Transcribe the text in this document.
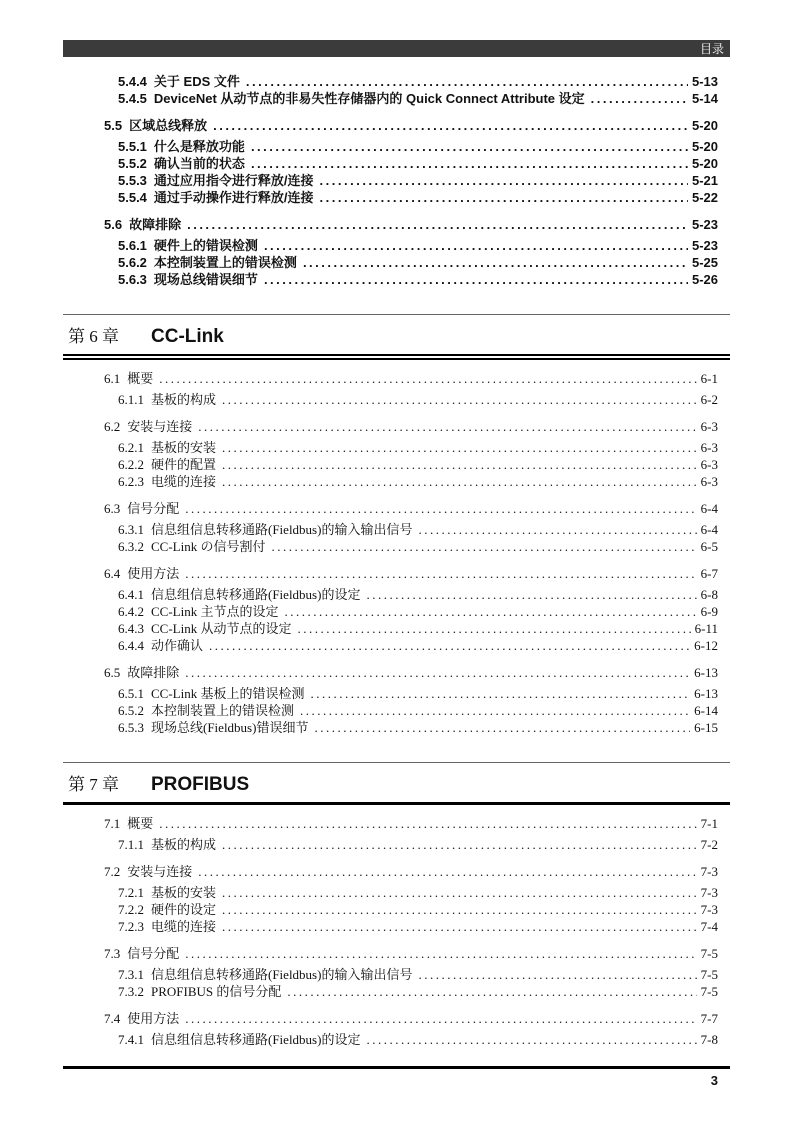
目录
5.4.4 关于 EDS 文件 .....	5-13
5.4.5 DeviceNet 从动节点的非易失性存储器内的 Quick Connect Attribute 设定 .....	5-14
5.5 区域总线释放 .....	5-20
5.5.1 什么是释放功能 .....	5-20
5.5.2 确认当前的状态 .....	5-20
5.5.3 通过应用指令进行释放/连接 .....	5-21
5.5.4 通过手动操作进行释放/连接 .....	5-22
5.6 故障排除 .....	5-23
5.6.1 硬件上的错误检测 .....	5-23
5.6.2 本控制装置上的错误检测 .....	5-25
5.6.3 现场总线错误细节 .....	5-26
第 6 章 CC-Link
6.1 概要 .....	6-1
6.1.1 基板的构成 .....	6-2
6.2 安装与连接 .....	6-3
6.2.1 基板的安装 .....	6-3
6.2.2 硬件的配置 .....	6-3
6.2.3 电缆的连接 .....	6-3
6.3 信号分配 .....	6-4
6.3.1 信息组信息转移通路(Fieldbus)的输入输出信号 .....	6-4
6.3.2 CC-Link の信号割付 .....	6-5
6.4 使用方法 .....	6-7
6.4.1 信息组信息转移通路(Fieldbus)的设定 .....	6-8
6.4.2 CC-Link 主节点的设定 .....	6-9
6.4.3 CC-Link 从动节点的设定 .....	6-11
6.4.4 动作确认 .....	6-12
6.5 故障排除 .....	6-13
6.5.1 CC-Link 基板上的错误检测 .....	6-13
6.5.2 本控制装置上的错误检测 .....	6-14
6.5.3 现场总线(Fieldbus)错误细节 .....	6-15
第 7 章 PROFIBUS
7.1 概要 .....	7-1
7.1.1 基板的构成 .....	7-2
7.2 安装与连接 .....	7-3
7.2.1 基板的安装 .....	7-3
7.2.2 硬件的设定 .....	7-3
7.2.3 电缆的连接 .....	7-4
7.3 信号分配 .....	7-5
7.3.1 信息组信息转移通路(Fieldbus)的输入输出信号 .....	7-5
7.3.2 PROFIBUS 的信号分配 .....	7-5
7.4 使用方法 .....	7-7
7.4.1 信息组信息转移通路(Fieldbus)的设定 .....	7-8
3
